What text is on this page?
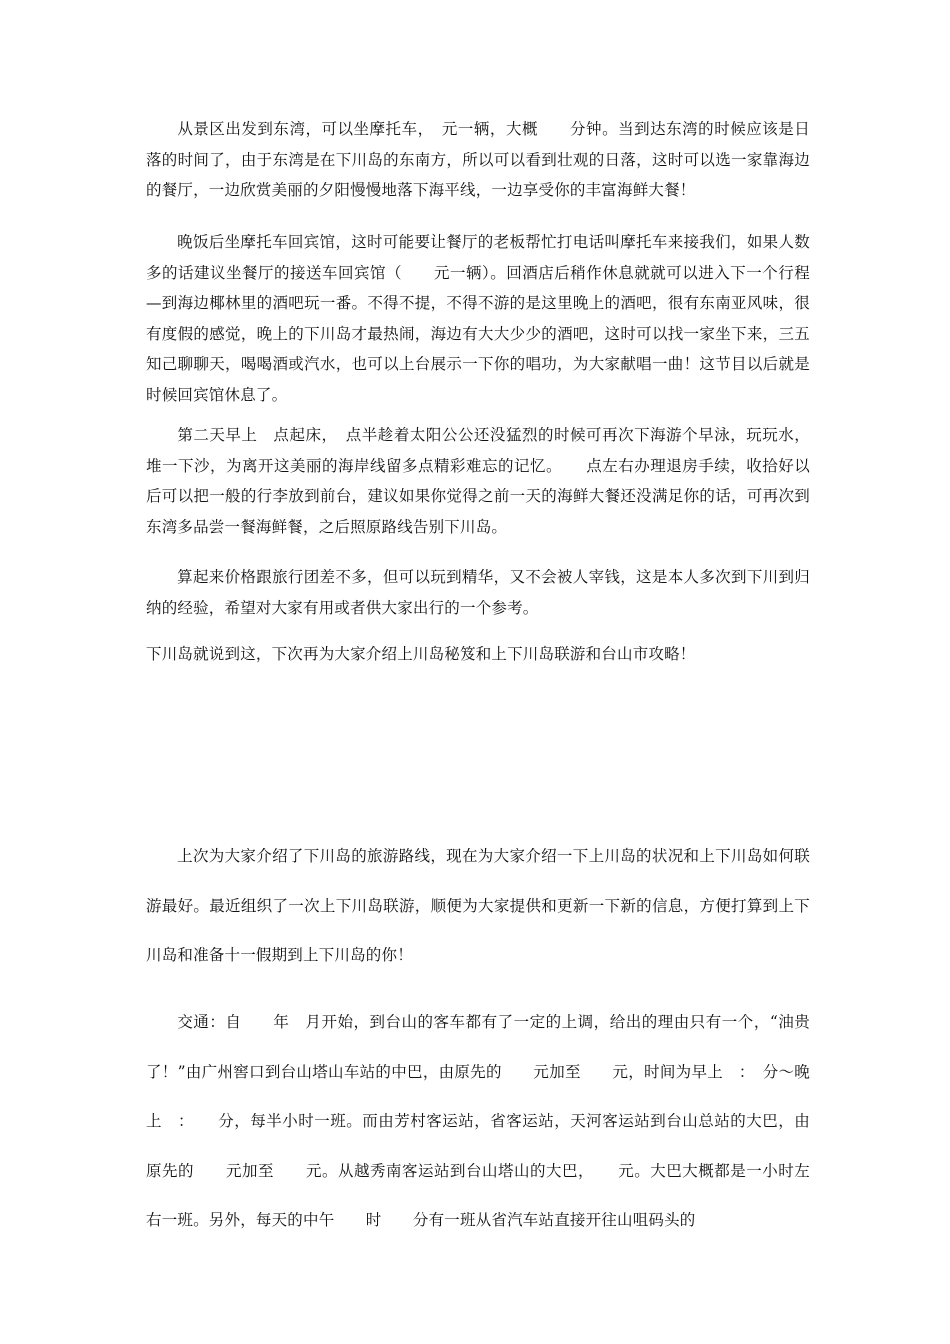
从景区出发到东湾，可以坐摩托车，　元一辆，大概　　分钟。当到达东湾的时候应该是日落的时间了，由于东湾是在下川岛的东南方，所以可以看到壮观的日落，这时可以选一家靠海边的餐厅，一边欣赏美丽的夕阳慢慢地落下海平线，一边享受你的丰富海鲜大餐！

晚饭后坐摩托车回宾馆，这时可能要让餐厅的老板帮忙打电话叫摩托车来接我们，如果人数多的话建议坐餐厅的接送车回宾馆（　　元一辆）。回酒店后稍作休息就就可以进入下一个行程—到海边椰林里的酒吧玩一番。不得不提，不得不游的是这里晚上的酒吧，很有东南亚风味，很有度假的感觉，晚上的下川岛才最热闹，海边有大大少少的酒吧，这时可以找一家坐下来，三五知己聊聊天，喝喝酒或汽水，也可以上台展示一下你的唱功，为大家献唱一曲！这节目以后就是时候回宾馆休息了。

第二天早上　点起床，　点半趁着太阳公公还没猛烈的时候可再次下海游个早泳，玩玩水，堆一下沙，为离开这美丽的海岸线留多点精彩难忘的记忆。　　点左右办理退房手续，收拾好以后可以把一般的行李放到前台，建议如果你觉得之前一天的海鲜大餐还没满足你的话，可再次到东湾多品尝一餐海鲜餐，之后照原路线告别下川岛。

算起来价格跟旅行团差不多，但可以玩到精华，又不会被人宰钱，这是本人多次到下川到归纳的经验，希望对大家有用或者供大家出行的一个参考。

下川岛就说到这，下次再为大家介绍上川岛秘笈和上下川岛联游和台山市攻略！

上次为大家介绍了下川岛的旅游路线，现在为大家介绍一下上川岛的状况和上下川岛如何联游最好。最近组织了一次上下川岛联游，顺便为大家提供和更新一下新的信息，方便打算到上下川岛和准备十一假期到上下川岛的你！

交通：自　　年　月开始，到台山的客车都有了一定的上调，给出的理由只有一个，“油贵了！”由广州窖口到台山塔山车站的中巴，由原先的　　元加至　　元，时间为早上　：　分～晚上　：　　分，每半小时一班。而由芳村客运站，省客运站，天河客运站到台山总站的大巴，由原先的　　元加至　　元。从越秀南客运站到台山塔山的大巴，　　元。大巴大概都是一小时左右一班。另外，每天的中午　　时　　分有一班从省汽车站直接开往山咀码头的
